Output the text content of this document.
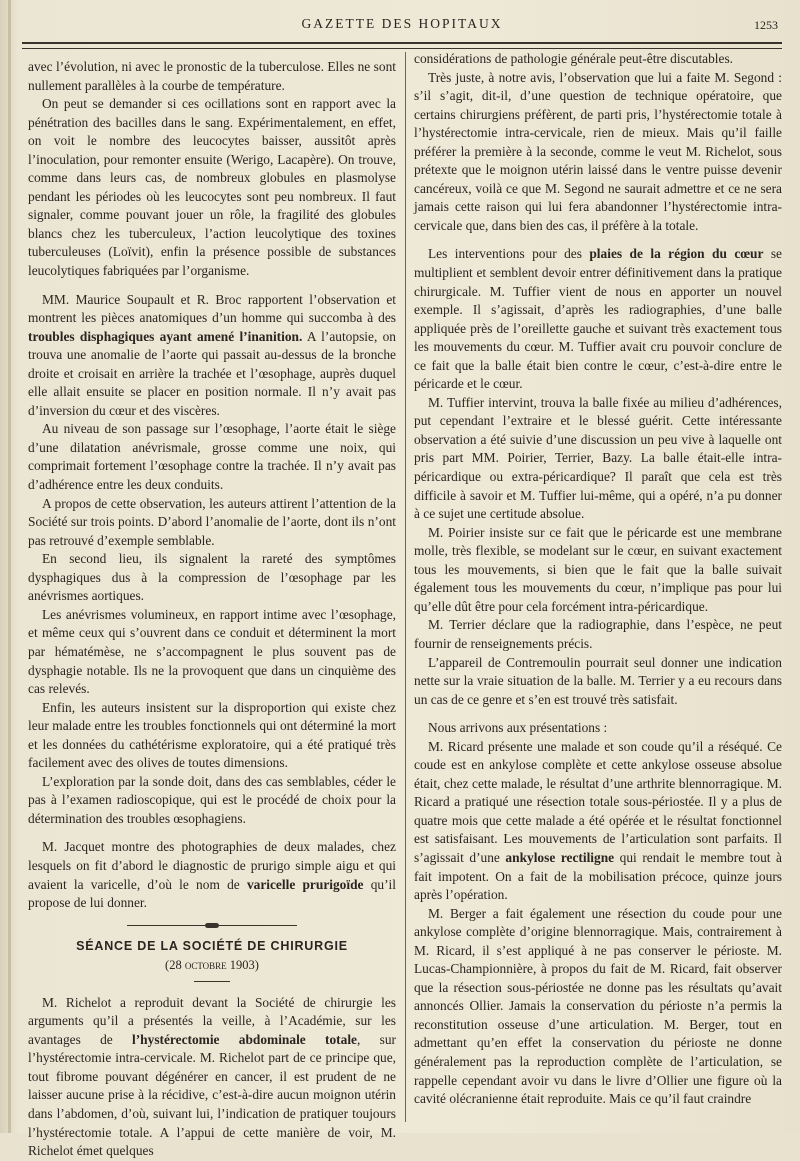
GAZETTE DES HOPITAUX	1253

avec l’évolution, ni avec le pronostic de la tuberculose. Elles ne sont nullement parallèles à la courbe de température.

On peut se demander si ces ocillations sont en rapport avec la pénétration des bacilles dans le sang. Expérimentalement, en effet, on voit le nombre des leucocytes baisser, aussitôt après l’inoculation, pour remonter ensuite (Werigo, Lacapère). On trouve, comme dans leurs cas, de nombreux globules en plasmolyse pendant les périodes où les leucocytes sont peu nombreux. Il faut signaler, comme pouvant jouer un rôle, la fragilité des globules blancs chez les tuberculeux, l’action leucolytique des toxines tuberculeuses (Loïvit), enfin la présence possible de substances leucolytiques fabriquées par l’organisme.

MM. Maurice Soupault et R. Broc rapportent l’observation et montrent les pièces anatomiques d’un homme qui succomba à des troubles disphagiques ayant amené l’inanition. A l’autopsie, on trouva une anomalie de l’aorte qui passait au-dessus de la bronche droite et croisait en arrière la trachée et l’œsophage, auprès duquel elle allait ensuite se placer en position normale. Il n’y avait pas d’inversion du cœur et des viscères.

Au niveau de son passage sur l’œsophage, l’aorte était le siège d’une dilatation anévrismale, grosse comme une noix, qui comprimait fortement l’œsophage contre la trachée. Il n’y avait pas d’adhérence entre les deux conduits.

A propos de cette observation, les auteurs attirent l’attention de la Société sur trois points. D’abord l’anomalie de l’aorte, dont ils n’ont pas retrouvé d’exemple semblable.

En second lieu, ils signalent la rareté des symptômes dysphagiques dus à la compression de l’œsophage par les anévrismes aortiques.

Les anévrismes volumineux, en rapport intime avec l’œsophage, et même ceux qui s’ouvrent dans ce conduit et déterminent la mort par hématémèse, ne s’accompagnent le plus souvent pas de dysphagie notable. Ils ne la provoquent que dans un cinquième des cas relevés.

Enfin, les auteurs insistent sur la disproportion qui existe chez leur malade entre les troubles fonctionnels qui ont déterminé la mort et les données du cathétérisme exploratoire, qui a été pratiqué très facilement avec des olives de toutes dimensions.

L’exploration par la sonde doit, dans des cas semblables, céder le pas à l’examen radioscopique, qui est le procédé de choix pour la détermination des troubles œsophagiens.

M. Jacquet montre des photographies de deux malades, chez lesquels on fit d’abord le diagnostic de prurigo simple aigu et qui avaient la varicelle, d’où le nom de varicelle prurigoïde qu’il propose de lui donner.

SÉANCE DE LA SOCIÉTÉ DE CHIRURGIE
(28 octobre 1903)

M. Richelot a reproduit devant la Société de chirurgie les arguments qu’il a présentés la veille, à l’Académie, sur les avantages de l’hystérectomie abdominale totale, sur l’hystérectomie intra-cervicale. M. Richelot part de ce principe que, tout fibrome pouvant dégénérer en cancer, il est prudent de ne laisser aucune prise à la récidive, c’est-à-dire aucun moignon utérin dans l’abdomen, d’où, suivant lui, l’indication de pratiquer toujours l’hystérectomie totale. A l’appui de cette manière de voir, M. Richelot émet quelques

considérations de pathologie générale peut-être discutables.

Très juste, à notre avis, l’observation que lui a faite M. Segond : s’il s’agit, dit-il, d’une question de technique opératoire, que certains chirurgiens préfèrent, de parti pris, l’hystérectomie totale à l’hystérectomie intra-cervicale, rien de mieux. Mais qu’il faille préférer la première à la seconde, comme le veut M. Richelot, sous prétexte que le moignon utérin laissé dans le ventre puisse devenir cancéreux, voilà ce que M. Segond ne saurait admettre et ce ne sera jamais cette raison qui lui fera abandonner l’hystérectomie intra-cervicale que, dans bien des cas, il préfère à la totale.

Les interventions pour des plaies de la région du cœur se multiplient et semblent devoir entrer définitivement dans la pratique chirurgicale. M. Tuffier vient de nous en apporter un nouvel exemple. Il s’agissait, d’après les radiographies, d’une balle appliquée près de l’oreillette gauche et suivant très exactement tous les mouvements du cœur. M. Tuffier avait cru pouvoir conclure de ce fait que la balle était bien contre le cœur, c’est-à-dire entre le péricarde et le cœur.

M. Tuffier intervint, trouva la balle fixée au milieu d’adhérences, put cependant l’extraire et le blessé guérit. Cette intéressante observation a été suivie d’une discussion un peu vive à laquelle ont pris part MM. Poirier, Terrier, Bazy. La balle était-elle intra-péricardique ou extra-péricardique? Il paraît que cela est très difficile à savoir et M. Tuffier lui-même, qui a opéré, n’a pu donner à ce sujet une certitude absolue.

M. Poirier insiste sur ce fait que le péricarde est une membrane molle, très flexible, se modelant sur le cœur, en suivant exactement tous les mouvements, si bien que le fait que la balle suivait également tous les mouvements du cœur, n’implique pas pour lui qu’elle dût être pour cela forcément intra-péricardique.

M. Terrier déclare que la radiographie, dans l’espèce, ne peut fournir de renseignements précis.

L’appareil de Contremoulin pourrait seul donner une indication nette sur la vraie situation de la balle. M. Terrier y a eu recours dans un cas de ce genre et s’en est trouvé très satisfait.

Nous arrivons aux présentations :

M. Ricard présente une malade et son coude qu’il a réséqué. Ce coude est en ankylose complète et cette ankylose osseuse absolue était, chez cette malade, le résultat d’une arthrite blennorragique. M. Ricard a pratiqué une résection totale sous-périostée. Il y a plus de quatre mois que cette malade a été opérée et le résultat fonctionnel est satisfaisant. Les mouvements de l’articulation sont parfaits. Il s’agissait d’une ankylose rectiligne qui rendait le membre tout à fait impotent. On a fait de la mobilisation précoce, quinze jours après l’opération.

M. Berger a fait également une résection du coude pour une ankylose complète d’origine blennorragique. Mais, contrairement à M. Ricard, il s’est appliqué à ne pas conserver le périoste. M. Lucas-Championnière, à propos du fait de M. Ricard, fait observer que la résection sous-périostée ne donne pas les résultats qu’avait annoncés Ollier. Jamais la conservation du périoste n’a permis la reconstitution osseuse d’une articulation. M. Berger, tout en admettant qu’en effet la conservation du périoste ne donne généralement pas la reproduction complète de l’articulation, se rappelle cependant avoir vu dans le livre d’Ollier une figure où la cavité olécranienne était reproduite. Mais ce qu’il faut craindre
